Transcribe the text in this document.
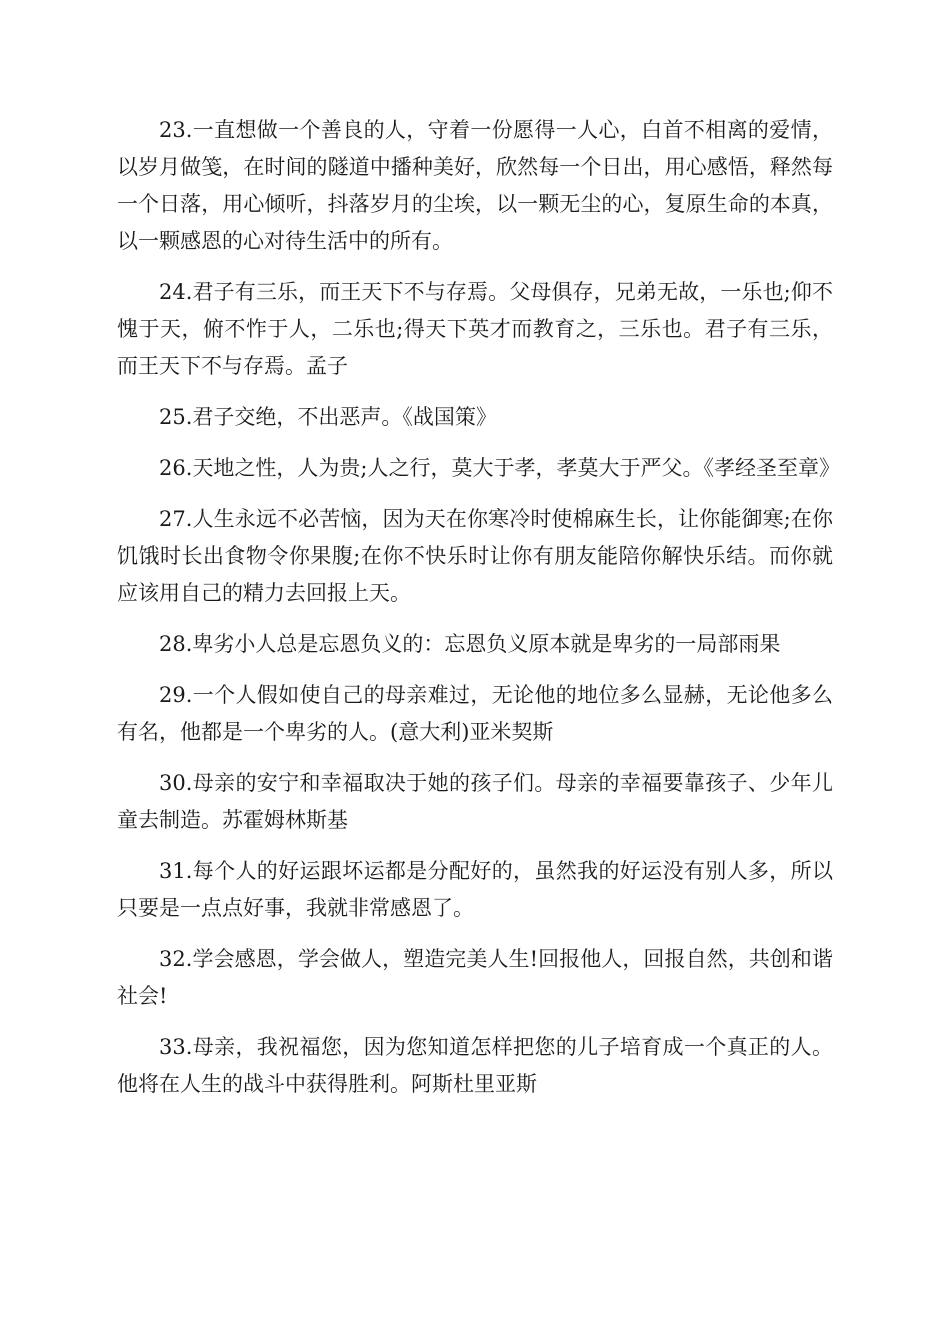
23.一直想做一个善良的人，守着一份愿得一人心，白首不相离的爱情，以岁月做笺，在时间的隧道中播种美好，欣然每一个日出，用心感悟，释然每一个日落，用心倾听，抖落岁月的尘埃，以一颗无尘的心，复原生命的本真，以一颗感恩的心对待生活中的所有。

24.君子有三乐，而王天下不与存焉。父母俱存，兄弟无故，一乐也;仰不愧于天，俯不怍于人，二乐也;得天下英才而教育之，三乐也。君子有三乐，而王天下不与存焉。孟子

25.君子交绝，不出恶声。《战国策》

26.天地之性，人为贵;人之行，莫大于孝，孝莫大于严父。《孝经圣至章》

27.人生永远不必苦恼，因为天在你寒冷时使棉麻生长，让你能御寒;在你饥饿时长出食物令你果腹;在你不快乐时让你有朋友能陪你解快乐结。而你就应该用自己的精力去回报上天。

28.卑劣小人总是忘恩负义的：忘恩负义原本就是卑劣的一局部雨果

29.一个人假如使自己的母亲难过，无论他的地位多么显赫，无论他多么有名，他都是一个卑劣的人。(意大利)亚米契斯

30.母亲的安宁和幸福取决于她的孩子们。母亲的幸福要靠孩子、少年儿童去制造。苏霍姆林斯基

31.每个人的好运跟坏运都是分配好的，虽然我的好运没有别人多，所以只要是一点点好事，我就非常感恩了。

32.学会感恩，学会做人，塑造完美人生!回报他人，回报自然，共创和谐社会!

33.母亲，我祝福您，因为您知道怎样把您的儿子培育成一个真正的人。他将在人生的战斗中获得胜利。阿斯杜里亚斯
